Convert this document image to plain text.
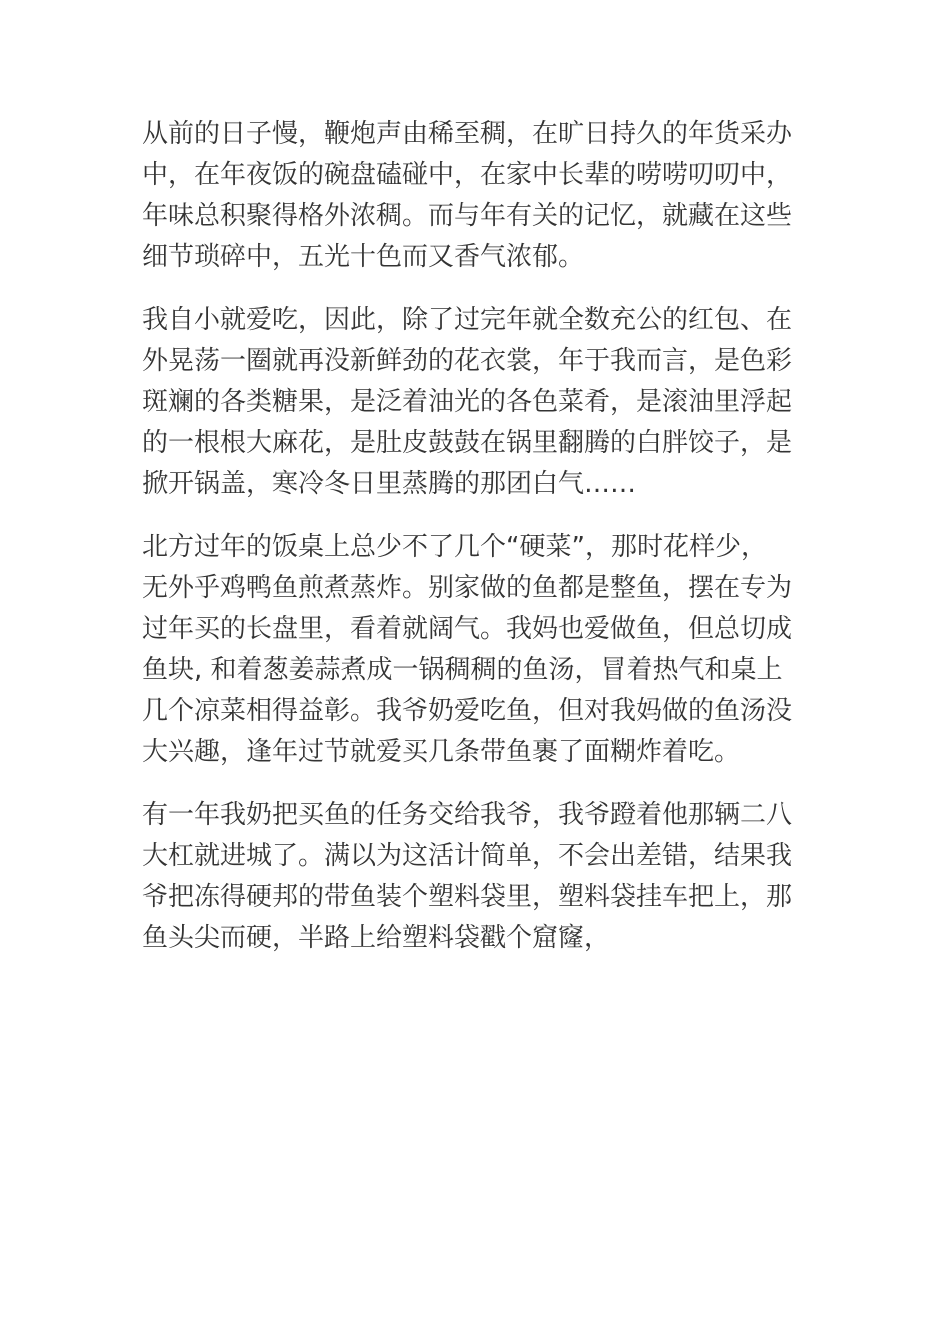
从前的日子慢，鞭炮声由稀至稠，在旷日持久的年货采办
中，在年夜饭的碗盘磕碰中，在家中长辈的唠唠叨叨中，
年味总积聚得格外浓稠。而与年有关的记忆，就藏在这些
细节琐碎中，五光十色而又香气浓郁。

我自小就爱吃，因此，除了过完年就全数充公的红包、在
外晃荡一圈就再没新鲜劲的花衣裳，年于我而言，是色彩
斑斓的各类糖果，是泛着油光的各色菜肴，是滚油里浮起
的一根根大麻花，是肚皮鼓鼓在锅里翻腾的白胖饺子，是
掀开锅盖，寒冷冬日里蒸腾的那团白气……

北方过年的饭桌上总少不了几个“硬菜”，那时花样少，
无外乎鸡鸭鱼煎煮蒸炸。别家做的鱼都是整鱼，摆在专为
过年买的长盘里，看着就阔气。我妈也爱做鱼，但总切成
鱼块, 和着葱姜蒜煮成一锅稠稠的鱼汤，冒着热气和桌上
几个凉菜相得益彰。我爷奶爱吃鱼，但对我妈做的鱼汤没
大兴趣，逢年过节就爱买几条带鱼裹了面糊炸着吃。

有一年我奶把买鱼的任务交给我爷，我爷蹬着他那辆二八
大杠就进城了。满以为这活计简单，不会出差错，结果我
爷把冻得硬邦的带鱼装个塑料袋里，塑料袋挂车把上，那
鱼头尖而硬，半路上给塑料袋戳个窟窿，
